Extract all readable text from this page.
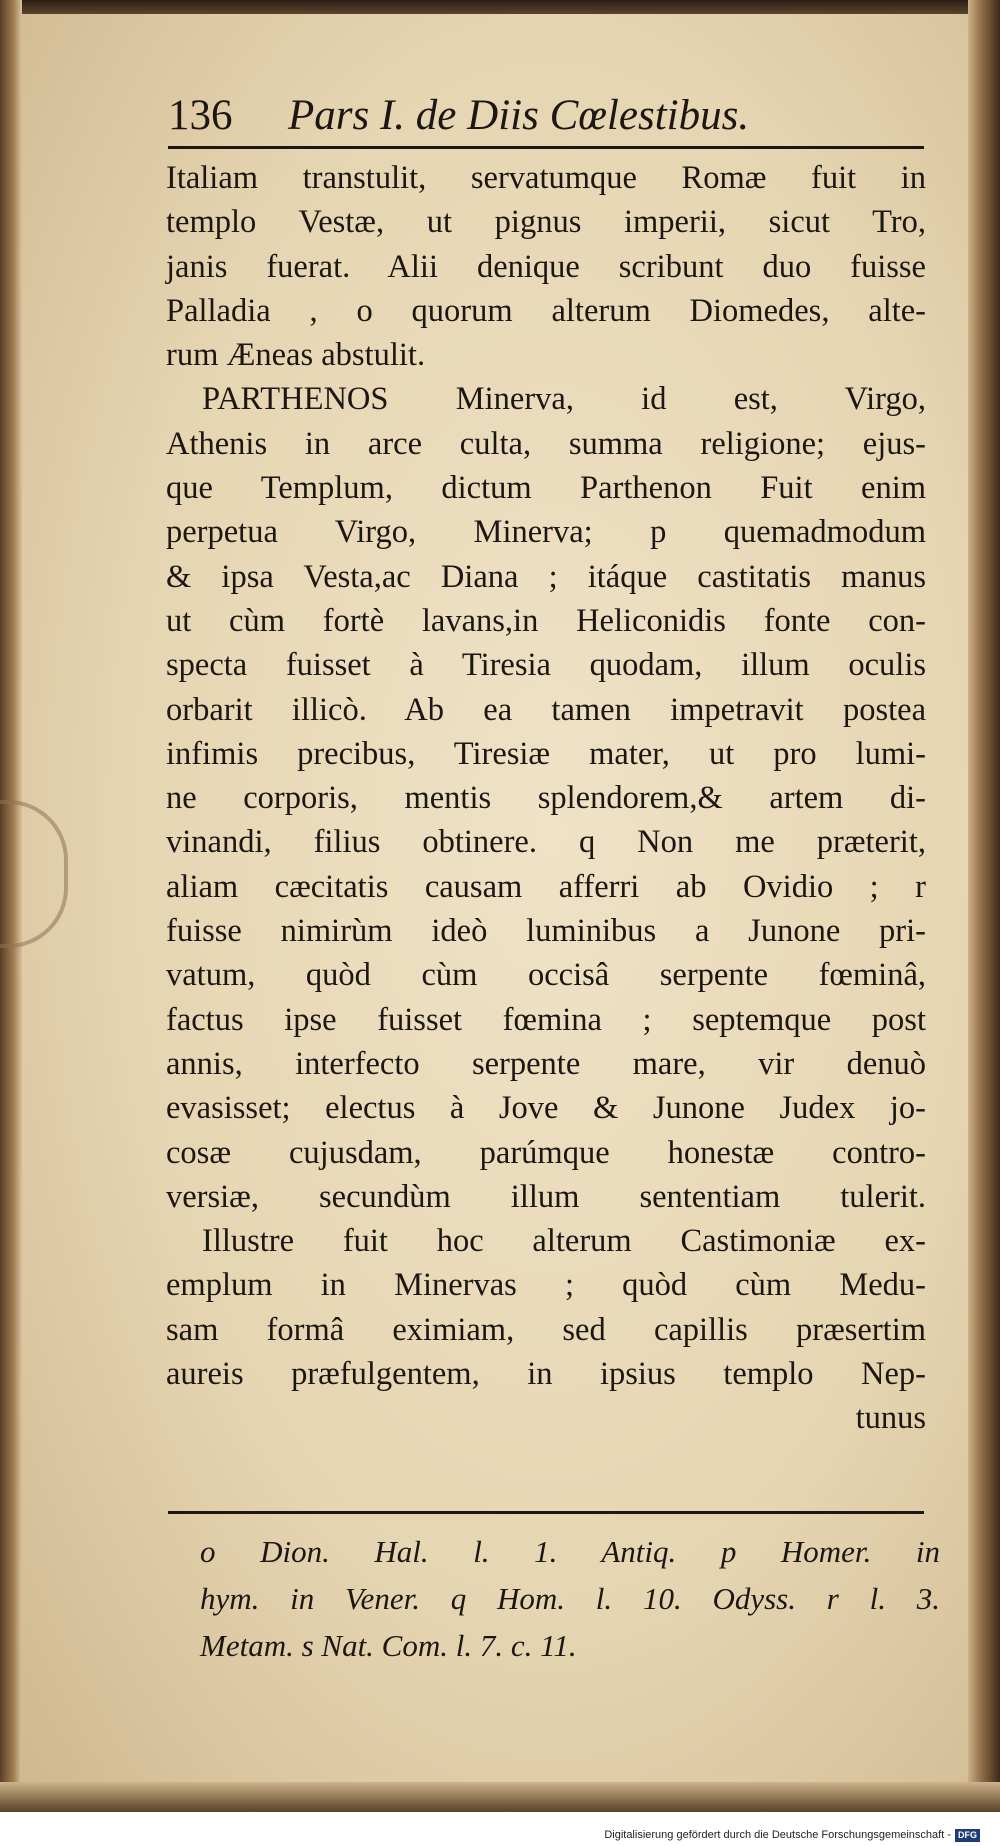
136 Pars I. de Diis Cœlestibus.
Italiam transtulit, servatumque Romæ fuit in
templo Vestæ, ut pignus imperii, sicut Tro,
janis fuerat. Alii denique scribunt duo fuisse
Palladia , o quorum alterum Diomedes, alte-
rum Æneas abstulit.
PARTHENOS Minerva, id est, Virgo,
Athenis in arce culta, summa religione; ejus-
que Templum, dictum Parthenon Fuit enim
perpetua Virgo, Minerva; p quemadmodum
& ipsa Vesta,ac Diana ; itáque castitatis manus
ut cùm fortè lavans,in Heliconidis fonte con-
specta fuisset à Tiresia quodam, illum oculis
orbarit illicò. Ab ea tamen impetravit postea
infimis precibus, Tiresiæ mater, ut pro lumi-
ne corporis, mentis splendorem,& artem di-
vinandi, filius obtinere. q Non me præterit,
aliam cæcitatis causam afferri ab Ovidio ; r
fuisse nimirùm ideò luminibus a Junone pri-
vatum, quòd cùm occisâ serpente fœminâ,
factus ipse fuisset fœmina ; septemque post
annis, interfecto serpente mare, vir denuò
evasisset; electus à Jove & Junone Judex jo-
cosæ cujusdam, parúmque honestæ contro-
versiæ, secundùm illum sententiam tulerit.
Illustre fuit hoc alterum Castimoniæ ex-
emplum in Minervas ; quòd cùm Medu-
sam formâ eximiam, sed capillis præsertim
aureis præfulgentem, in ipsius templo Nep-
tunus
o Dion. Hal. l. 1. Antiq. p Homer. in
hym. in Vener. q Hom. l. 10. Odyss. r l. 3.
Metam. s Nat. Com. l. 7. c. 11.
Digitalisierung gefördert durch die Deutsche Forschungsgemeinschaft - DFG
